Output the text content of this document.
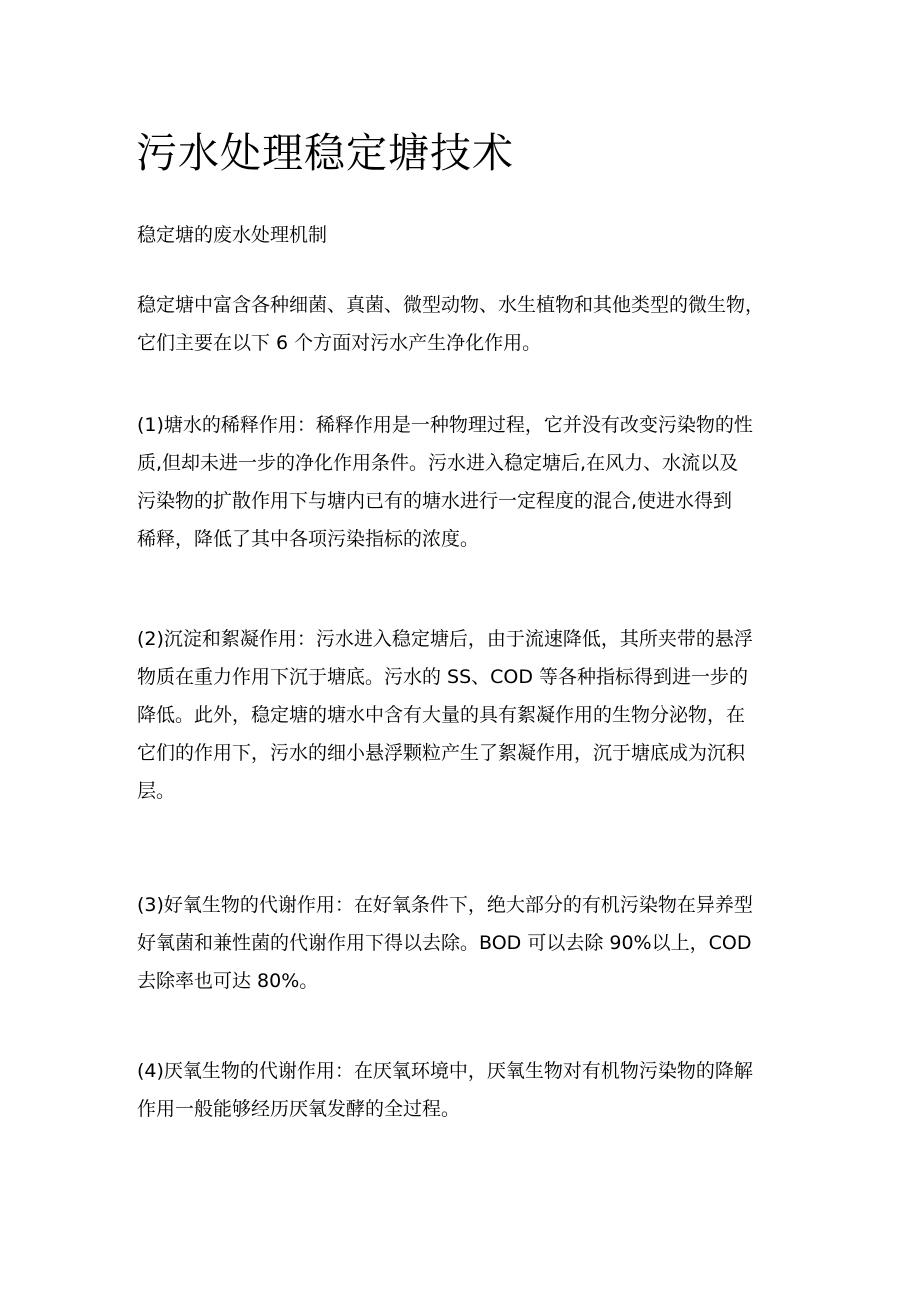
污水处理稳定塘技术
稳定塘的废水处理机制

稳定塘中富含各种细菌、真菌、微型动物、水生植物和其他类型的微生物，
它们主要在以下 6 个方面对污水产生净化作用。

(1)塘水的稀释作用：稀释作用是一种物理过程，它并没有改变污染物的性
质,但却未进一步的净化作用条件。污水进入稳定塘后,在风力、水流以及
污染物的扩散作用下与塘内已有的塘水进行一定程度的混合,使进水得到
稀释，降低了其中各项污染指标的浓度。

(2)沉淀和絮凝作用：污水进入稳定塘后，由于流速降低，其所夹带的悬浮
物质在重力作用下沉于塘底。污水的 SS、COD 等各种指标得到进一步的
降低。此外，稳定塘的塘水中含有大量的具有絮凝作用的生物分泌物，在
它们的作用下，污水的细小悬浮颗粒产生了絮凝作用，沉于塘底成为沉积
层。

(3)好氧生物的代谢作用：在好氧条件下，绝大部分的有机污染物在异养型
好氧菌和兼性菌的代谢作用下得以去除。BOD 可以去除 90%以上，COD
去除率也可达 80%。

(4)厌氧生物的代谢作用：在厌氧环境中，厌氧生物对有机物污染物的降解
作用一般能够经历厌氧发酵的全过程。
